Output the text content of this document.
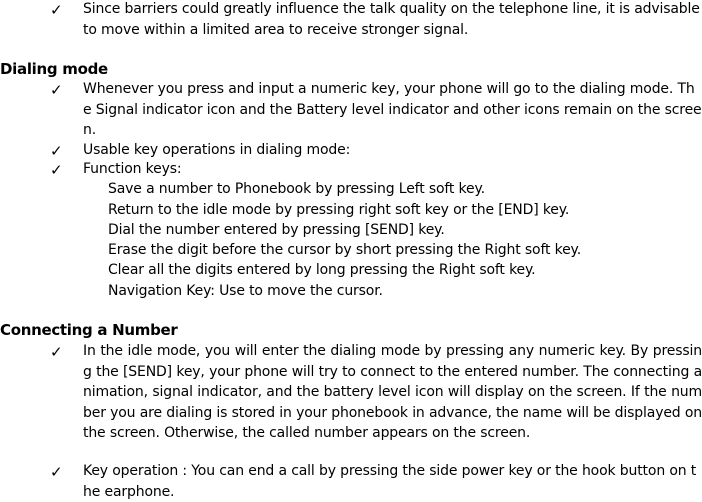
✓ Since barriers could greatly influence the talk quality on the telephone line, it is advisable to move within a limited area to receive stronger signal.
Dialing mode
✓ Whenever you press and input a numeric key, your phone will go to the dialing mode. The Signal indicator icon and the Battery level indicator and other icons remain on the screen.
✓ Usable key operations in dialing mode:
✓ Function keys:
Save a number to Phonebook by pressing Left soft key.
Return to the idle mode by pressing right soft key or the [END] key.
Dial the number entered by pressing [SEND] key.
Erase the digit before the cursor by short pressing the Right soft key.
Clear all the digits entered by long pressing the Right soft key.
Navigation Key: Use to move the cursor.
Connecting a Number
✓ In the idle mode, you will enter the dialing mode by pressing any numeric key. By pressing the [SEND] key, your phone will try to connect to the entered number. The connecting animation, signal indicator, and the battery level icon will display on the screen. If the number you are dialing is stored in your phonebook in advance, the name will be displayed on the screen. Otherwise, the called number appears on the screen.
✓ Key operation : You can end a call by pressing the side power key or the hook button on the earphone.
